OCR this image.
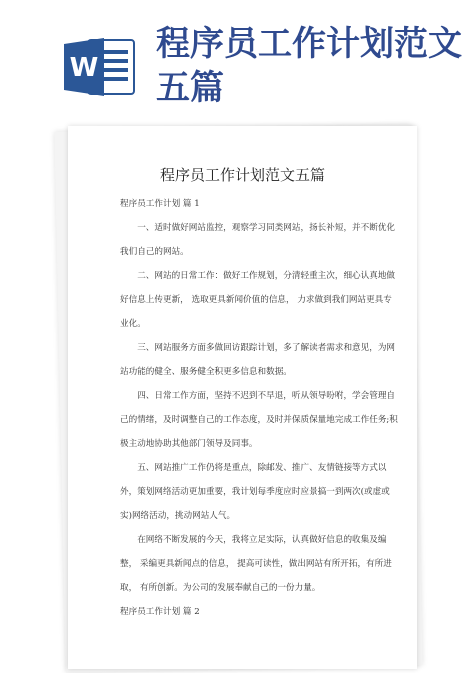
W
程序员工作计划范文五篇
程序员工作计划范文五篇

程序员工作计划 篇 1

一、适时做好网站监控，观察学习同类网站，扬长补短，并不断优化我们自己的网站。

二、网站的日常工作：做好工作规划，分清轻重主次，细心认真地做好信息上传更新， 选取更具新闻价值的信息， 力求做到我们网站更具专业化。

三、网站服务方面多做回访跟踪计划，多了解读者需求和意见，为网站功能的健全、服务健全积更多信息和数据。

四、日常工作方面，坚持不迟到不早退，听从领导吩咐，学会管理自己的情绪，及时调整自己的工作态度，及时并保质保量地完成工作任务;积极主动地协助其他部门领导及同事。

五、网站推广工作仍将是重点，除邮发、推广、友情链接等方式以外，策划网络活动更加重要，我计划每季度应时应景搞一到两次(或虚或实)网络活动，挑动网站人气。

在网络不断发展的今天，我将立足实际，认真做好信息的收集及编整， 采编更具新闻点的信息， 提高可读性，做出网站有所开拓，有所进取， 有所创新。为公司的发展奉献自己的一份力量。

程序员工作计划 篇 2
